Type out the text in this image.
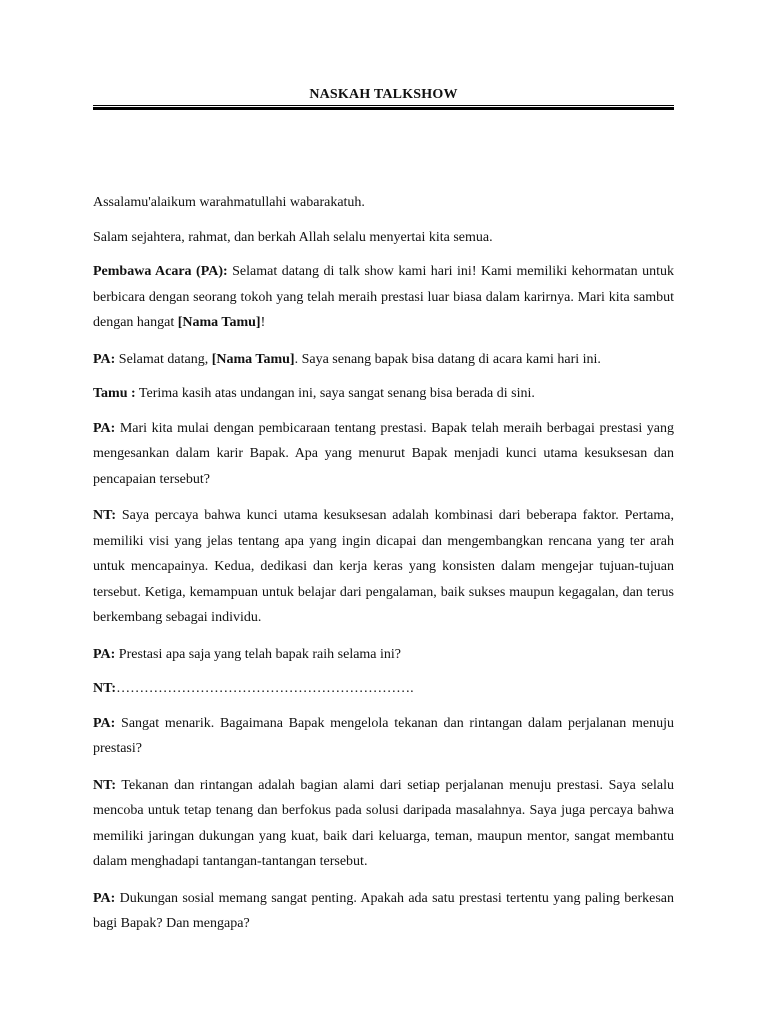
NASKAH TALKSHOW

Assalamu'alaikum warahmatullahi wabarakatuh.

Salam sejahtera, rahmat, dan berkah Allah selalu menyertai kita semua.

Pembawa Acara (PA): Selamat datang di talk show kami hari ini! Kami memiliki kehormatan untuk berbicara dengan seorang tokoh yang telah meraih prestasi luar biasa dalam karirnya. Mari kita sambut dengan hangat [Nama Tamu]!

PA: Selamat datang, [Nama Tamu]. Saya senang bapak bisa datang di acara kami hari ini.

Tamu : Terima kasih atas undangan ini, saya sangat senang bisa berada di sini.

PA: Mari kita mulai dengan pembicaraan tentang prestasi. Bapak telah meraih berbagai prestasi yang mengesankan dalam karir Bapak. Apa yang menurut Bapak menjadi kunci utama kesuksesan dan pencapaian tersebut?

NT: Saya percaya bahwa kunci utama kesuksesan adalah kombinasi dari beberapa faktor. Pertama, memiliki visi yang jelas tentang apa yang ingin dicapai dan mengembangkan rencana yang ter arah untuk mencapainya. Kedua, dedikasi dan kerja keras yang konsisten dalam mengejar tujuan-tujuan tersebut. Ketiga, kemampuan untuk belajar dari pengalaman, baik sukses maupun kegagalan, dan terus berkembang sebagai individu.

PA: Prestasi apa saja yang telah bapak raih selama ini?

NT:……………………………………………………….

PA: Sangat menarik. Bagaimana Bapak mengelola tekanan dan rintangan dalam perjalanan menuju prestasi?

NT: Tekanan dan rintangan adalah bagian alami dari setiap perjalanan menuju prestasi. Saya selalu mencoba untuk tetap tenang dan berfokus pada solusi daripada masalahnya. Saya juga percaya bahwa memiliki jaringan dukungan yang kuat, baik dari keluarga, teman, maupun mentor, sangat membantu dalam menghadapi tantangan-tantangan tersebut.

PA: Dukungan sosial memang sangat penting. Apakah ada satu prestasi tertentu yang paling berkesan bagi Bapak? Dan mengapa?
